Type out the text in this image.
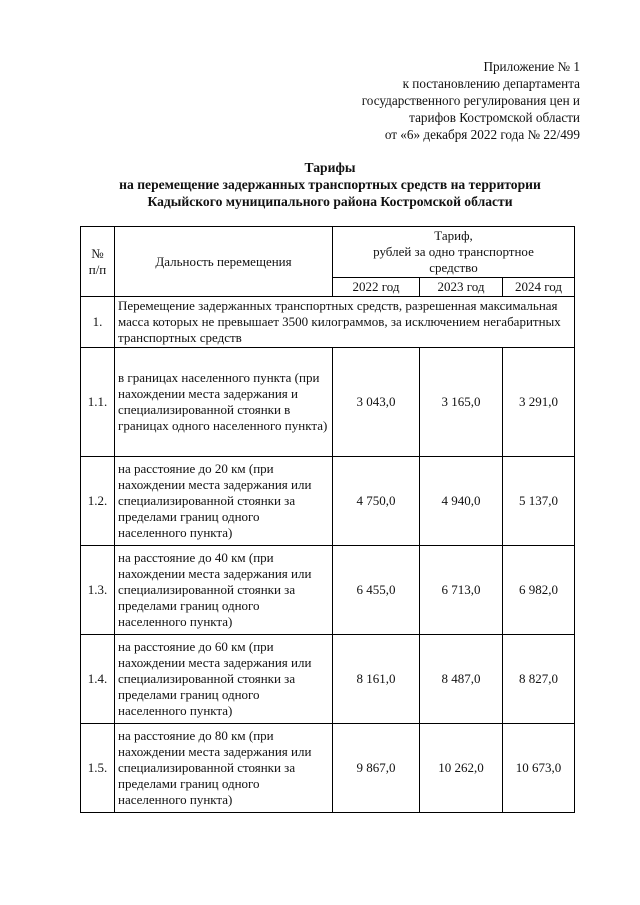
Приложение № 1
к постановлению департамента
государственного регулирования цен и
тарифов Костромской области
от «6» декабря 2022 года № 22/499
Тарифы
на перемещение задержанных транспортных средств на территории
Кадыйского муниципального района Костромской области
№
п/п	Дальность перемещения	Тариф,
рублей за одно транспортное
средство		
		2022 год	2023 год	2024 год
1.	Перемещение задержанных транспортных средств, разрешенная максимальная масса которых не превышает 3500 килограммов, за исключением негабаритных транспортных средств			
1.1.	в границах населенного пункта (при нахождении места задержания и специализированной стоянки в границах одного населенного пункта)	3 043,0	3 165,0	3 291,0
1.2.	на расстояние до 20 км (при нахождении места задержания или специализированной стоянки за пределами границ одного населенного пункта)	4 750,0	4 940,0	5 137,0
1.3.	на расстояние до 40 км (при нахождении места задержания или специализированной стоянки за пределами границ одного населенного пункта)	6 455,0	6 713,0	6 982,0
1.4.	на расстояние до 60 км (при нахождении места задержания или специализированной стоянки за пределами границ одного населенного пункта)	8 161,0	8 487,0	8 827,0
1.5.	на расстояние до 80 км (при нахождении места задержания или специализированной стоянки за пределами границ одного населенного пункта)	9 867,0	10 262,0	10 673,0
